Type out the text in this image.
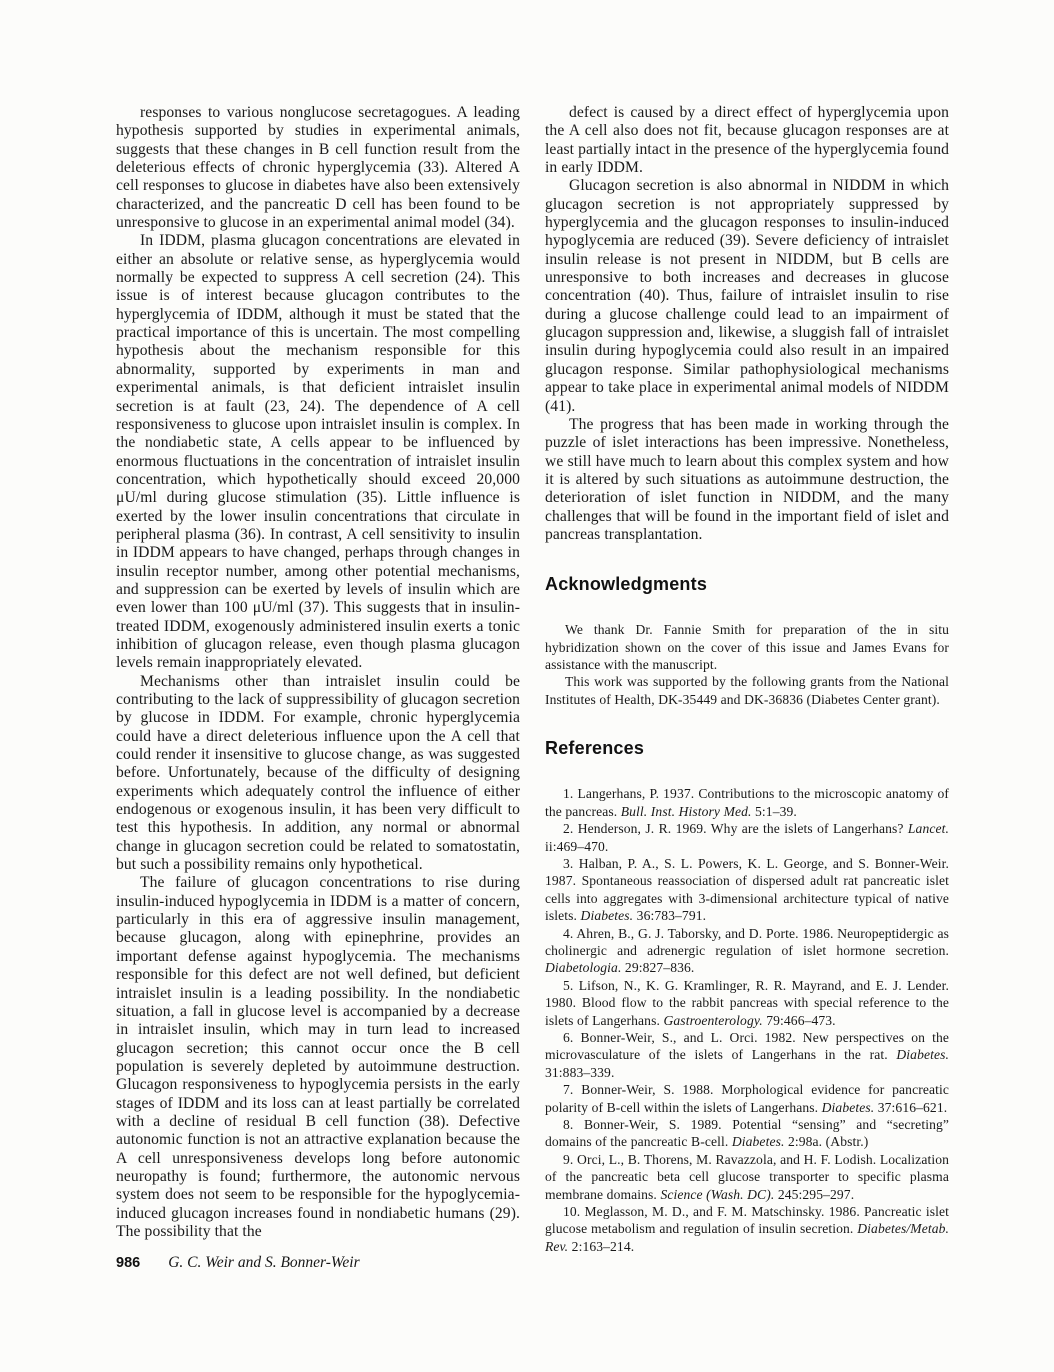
responses to various nonglucose secretagogues. A leading hypothesis supported by studies in experimental animals, suggests that these changes in B cell function result from the deleterious effects of chronic hyperglycemia (33). Altered A cell responses to glucose in diabetes have also been extensively characterized, and the pancreatic D cell has been found to be unresponsive to glucose in an experimental animal model (34).

In IDDM, plasma glucagon concentrations are elevated in either an absolute or relative sense, as hyperglycemia would normally be expected to suppress A cell secretion (24). This issue is of interest because glucagon contributes to the hyperglycemia of IDDM, although it must be stated that the practical importance of this is uncertain. The most compelling hypothesis about the mechanism responsible for this abnormality, supported by experiments in man and experimental animals, is that deficient intraislet insulin secretion is at fault (23, 24). The dependence of A cell responsiveness to glucose upon intraislet insulin is complex. In the nondiabetic state, A cells appear to be influenced by enormous fluctuations in the concentration of intraislet insulin concentration, which hypothetically should exceed 20,000 μU/ml during glucose stimulation (35). Little influence is exerted by the lower insulin concentrations that circulate in peripheral plasma (36). In contrast, A cell sensitivity to insulin in IDDM appears to have changed, perhaps through changes in insulin receptor number, among other potential mechanisms, and suppression can be exerted by levels of insulin which are even lower than 100 μU/ml (37). This suggests that in insulin-treated IDDM, exogenously administered insulin exerts a tonic inhibition of glucagon release, even though plasma glucagon levels remain inappropriately elevated.

Mechanisms other than intraislet insulin could be contributing to the lack of suppressibility of glucagon secretion by glucose in IDDM. For example, chronic hyperglycemia could have a direct deleterious influence upon the A cell that could render it insensitive to glucose change, as was suggested before. Unfortunately, because of the difficulty of designing experiments which adequately control the influence of either endogenous or exogenous insulin, it has been very difficult to test this hypothesis. In addition, any normal or abnormal change in glucagon secretion could be related to somatostatin, but such a possibility remains only hypothetical.

The failure of glucagon concentrations to rise during insulin-induced hypoglycemia in IDDM is a matter of concern, particularly in this era of aggressive insulin management, because glucagon, along with epinephrine, provides an important defense against hypoglycemia. The mechanisms responsible for this defect are not well defined, but deficient intraislet insulin is a leading possibility. In the nondiabetic situation, a fall in glucose level is accompanied by a decrease in intraislet insulin, which may in turn lead to increased glucagon secretion; this cannot occur once the B cell population is severely depleted by autoimmune destruction. Glucagon responsiveness to hypoglycemia persists in the early stages of IDDM and its loss can at least partially be correlated with a decline of residual B cell function (38). Defective autonomic function is not an attractive explanation because the A cell unresponsiveness develops long before autonomic neuropathy is found; furthermore, the autonomic nervous system does not seem to be responsible for the hypoglycemia-induced glucagon increases found in nondiabetic humans (29). The possibility that the

defect is caused by a direct effect of hyperglycemia upon the A cell also does not fit, because glucagon responses are at least partially intact in the presence of the hyperglycemia found in early IDDM.

Glucagon secretion is also abnormal in NIDDM in which glucagon secretion is not appropriately suppressed by hyperglycemia and the glucagon responses to insulin-induced hypoglycemia are reduced (39). Severe deficiency of intraislet insulin release is not present in NIDDM, but B cells are unresponsive to both increases and decreases in glucose concentration (40). Thus, failure of intraislet insulin to rise during a glucose challenge could lead to an impairment of glucagon suppression and, likewise, a sluggish fall of intraislet insulin during hypoglycemia could also result in an impaired glucagon response. Similar pathophysiological mechanisms appear to take place in experimental animal models of NIDDM (41).

The progress that has been made in working through the puzzle of islet interactions has been impressive. Nonetheless, we still have much to learn about this complex system and how it is altered by such situations as autoimmune destruction, the deterioration of islet function in NIDDM, and the many challenges that will be found in the important field of islet and pancreas transplantation.

Acknowledgments

We thank Dr. Fannie Smith for preparation of the in situ hybridization shown on the cover of this issue and James Evans for assistance with the manuscript.

This work was supported by the following grants from the National Institutes of Health, DK-35449 and DK-36836 (Diabetes Center grant).

References

1. Langerhans, P. 1937. Contributions to the microscopic anatomy of the pancreas. Bull. Inst. History Med. 5:1–39.

2. Henderson, J. R. 1969. Why are the islets of Langerhans? Lancet. ii:469–470.

3. Halban, P. A., S. L. Powers, K. L. George, and S. Bonner-Weir. 1987. Spontaneous reassociation of dispersed adult rat pancreatic islet cells into aggregates with 3-dimensional architecture typical of native islets. Diabetes. 36:783–791.

4. Ahren, B., G. J. Taborsky, and D. Porte. 1986. Neuropeptidergic as cholinergic and adrenergic regulation of islet hormone secretion. Diabetologia. 29:827–836.

5. Lifson, N., K. G. Kramlinger, R. R. Mayrand, and E. J. Lender. 1980. Blood flow to the rabbit pancreas with special reference to the islets of Langerhans. Gastroenterology. 79:466–473.

6. Bonner-Weir, S., and L. Orci. 1982. New perspectives on the microvasculature of the islets of Langerhans in the rat. Diabetes. 31:883–339.

7. Bonner-Weir, S. 1988. Morphological evidence for pancreatic polarity of B-cell within the islets of Langerhans. Diabetes. 37:616–621.

8. Bonner-Weir, S. 1989. Potential “sensing” and “secreting” domains of the pancreatic B-cell. Diabetes. 2:98a. (Abstr.)

9. Orci, L., B. Thorens, M. Ravazzola, and H. F. Lodish. Localization of the pancreatic beta cell glucose transporter to specific plasma membrane domains. Science (Wash. DC). 245:295–297.

10. Meglasson, M. D., and F. M. Matschinsky. 1986. Pancreatic islet glucose metabolism and regulation of insulin secretion. Diabetes/Metab. Rev. 2:163–214.

986 G. C. Weir and S. Bonner-Weir
